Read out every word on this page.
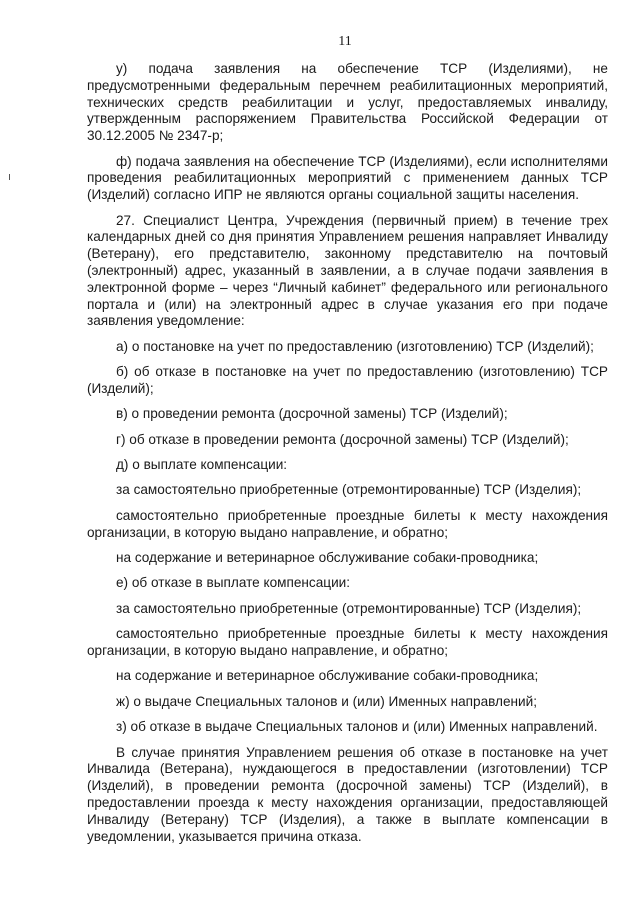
11

у) подача заявления на обеспечение ТСР (Изделиями), не предусмотренными федеральным перечнем реабилитационных мероприятий, технических средств реабилитации и услуг, предоставляемых инвалиду, утвержденным распоряжением Правительства Российской Федерации от 30.12.2005 № 2347-р;

ф) подача заявления на обеспечение ТСР (Изделиями), если исполнителями проведения реабилитационных мероприятий с применением данных ТСР (Изделий) согласно ИПР не являются органы социальной защиты населения.

27. Специалист Центра, Учреждения (первичный прием) в течение трех календарных дней со дня принятия Управлением решения направляет Инвалиду (Ветерану), его представителю, законному представителю на почтовый (электронный) адрес, указанный в заявлении, а в случае подачи заявления в электронной форме – через “Личный кабинет” федерального или регионального портала и (или) на электронный адрес в случае указания его при подаче заявления уведомление:

а) о постановке на учет по предоставлению (изготовлению) ТСР (Изделий);

б) об отказе в постановке на учет по предоставлению (изготовлению) ТСР (Изделий);

в) о проведении ремонта (досрочной замены) ТСР (Изделий);

г) об отказе в проведении ремонта (досрочной замены) ТСР (Изделий);

д) о выплате компенсации:

за самостоятельно приобретенные (отремонтированные) ТСР (Изделия);

самостоятельно приобретенные проездные билеты к месту нахождения организации, в которую выдано направление, и обратно;

на содержание и ветеринарное обслуживание собаки-проводника;

е) об отказе в выплате компенсации:

за самостоятельно приобретенные (отремонтированные) ТСР (Изделия);

самостоятельно приобретенные проездные билеты к месту нахождения организации, в которую выдано направление, и обратно;

на содержание и ветеринарное обслуживание собаки-проводника;

ж) о выдаче Специальных талонов и (или) Именных направлений;

з) об отказе в выдаче Специальных талонов и (или) Именных направлений.

В случае принятия Управлением решения об отказе в постановке на учет Инвалида (Ветерана), нуждающегося в предоставлении (изготовлении) ТСР (Изделий), в проведении ремонта (досрочной замены) ТСР (Изделий), в предоставлении проезда к месту нахождения организации, предоставляющей Инвалиду (Ветерану) ТСР (Изделия), а также в выплате компенсации в уведомлении, указывается причина отказа.
